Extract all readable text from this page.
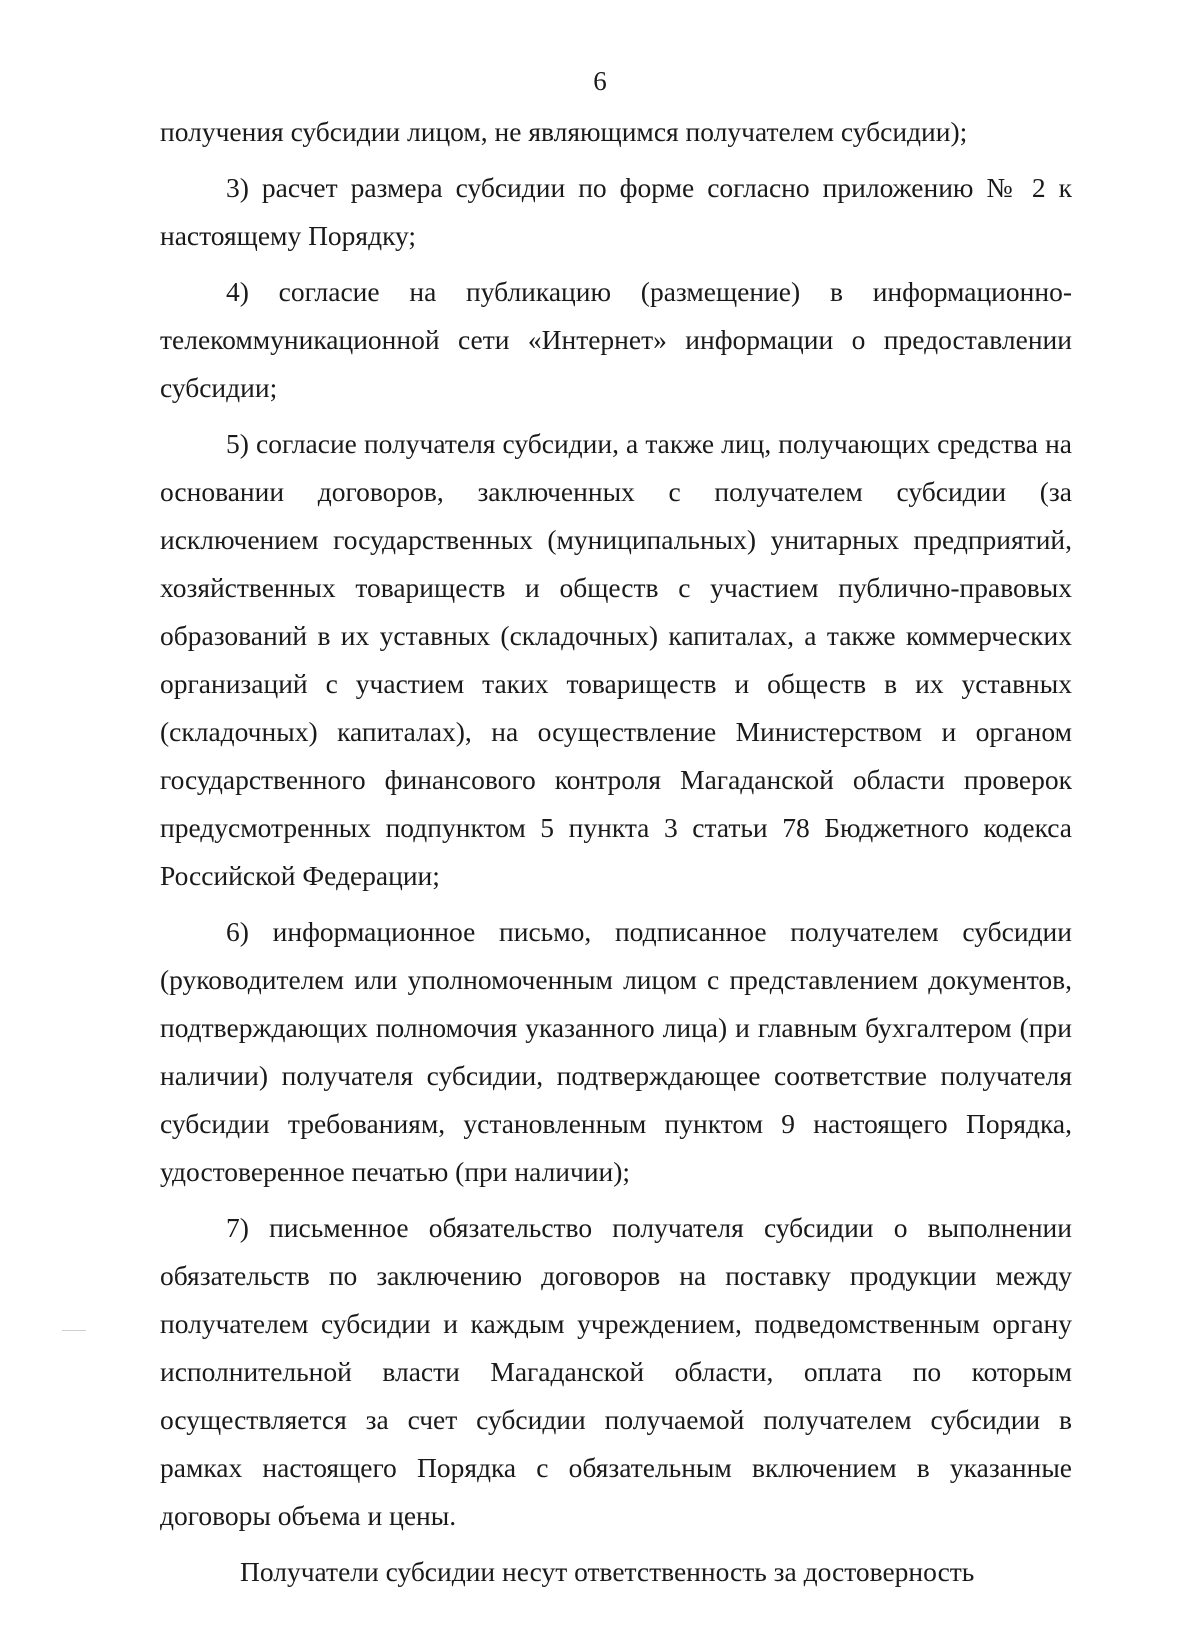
6

получения субсидии лицом, не являющимся получателем субсидии);

3) расчет размера субсидии по форме согласно приложению № 2 к настоящему Порядку;

4) согласие на публикацию (размещение) в информационно-телекоммуникационной сети «Интернет» информации о предоставлении субсидии;

5) согласие получателя субсидии, а также лиц, получающих средства на основании договоров, заключенных с получателем субсидии (за исключением государственных (муниципальных) унитарных предприятий, хозяйственных товариществ и обществ с участием публично-правовых образований в их уставных (складочных) капиталах, а также коммерческих организаций с участием таких товариществ и обществ в их уставных (складочных) капиталах), на осуществление Министерством и органом государственного финансового контроля Магаданской области проверок предусмотренных подпунктом 5 пункта 3 статьи 78 Бюджетного кодекса Российской Федерации;

6) информационное письмо, подписанное получателем субсидии (руководителем или уполномоченным лицом с представлением документов, подтверждающих полномочия указанного лица) и главным бухгалтером (при наличии) получателя субсидии, подтверждающее соответствие получателя субсидии требованиям, установленным пунктом 9 настоящего Порядка, удостоверенное печатью (при наличии);

7) письменное обязательство получателя субсидии о выполнении обязательств по заключению договоров на поставку продукции между получателем субсидии и каждым учреждением, подведомственным органу исполнительной власти Магаданской области, оплата по которым осуществляется за счет субсидии получаемой получателем субсидии в рамках настоящего Порядка с обязательным включением в указанные договоры объема и цены.

Получатели субсидии несут ответственность за достоверность
